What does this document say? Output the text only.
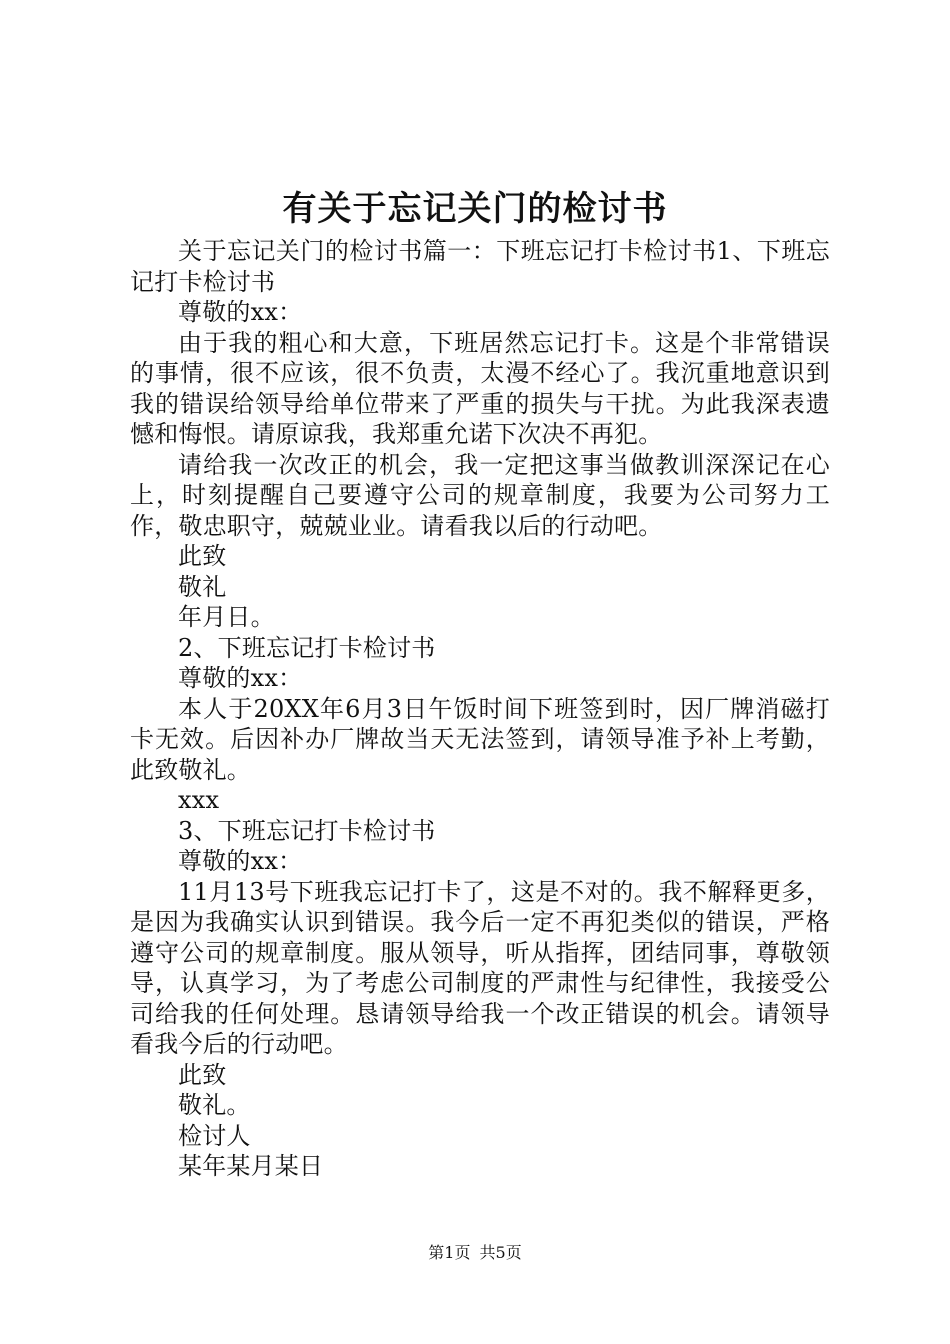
有关于忘记关门的检讨书

关于忘记关门的检讨书篇一：下班忘记打卡检讨书1、下班忘记打卡检讨书

尊敬的xx：

由于我的粗心和大意，下班居然忘记打卡。这是个非常错误的事情，很不应该，很不负责，太漫不经心了。我沉重地意识到我的错误给领导给单位带来了严重的损失与干扰。为此我深表遗憾和悔恨。请原谅我，我郑重允诺下次决不再犯。

请给我一次改正的机会，我一定把这事当做教训深深记在心上，时刻提醒自己要遵守公司的规章制度，我要为公司努力工作，敬忠职守，兢兢业业。请看我以后的行动吧。

此致

敬礼

年月日。

2、下班忘记打卡检讨书

尊敬的xx：

本人于20XX年6月3日午饭时间下班签到时，因厂牌消磁打卡无效。后因补办厂牌故当天无法签到，请领导准予补上考勤，此致敬礼。

xxx

3、下班忘记打卡检讨书

尊敬的xx：

11月13号下班我忘记打卡了，这是不对的。我不解释更多，是因为我确实认识到错误。我今后一定不再犯类似的错误，严格遵守公司的规章制度。服从领导，听从指挥，团结同事，尊敬领导，认真学习，为了考虑公司制度的严肃性与纪律性，我接受公司给我的任何处理。恳请领导给我一个改正错误的机会。请领导看我今后的行动吧。

此致

敬礼。

检讨人

某年某月某日

第1页 共5页
